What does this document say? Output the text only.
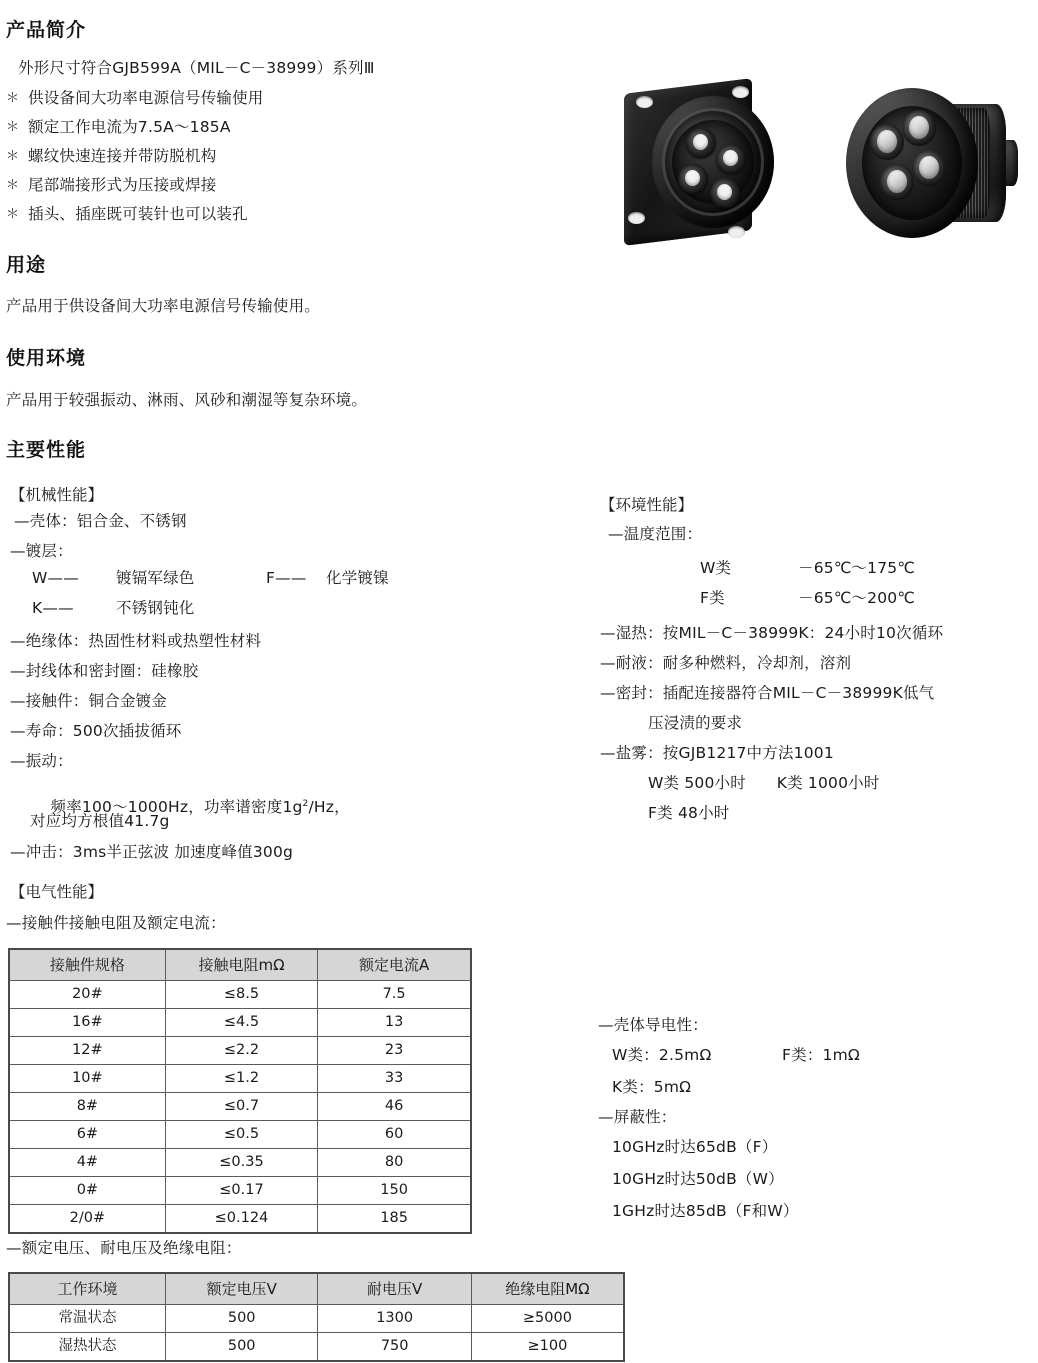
产品简介
外形尺寸符合GJB599A（MIL－C－38999）系列Ⅲ
＊ 供设备间大功率电源信号传输使用
＊ 额定工作电流为7.5A～185A
＊ 螺纹快速连接并带防脱机构
＊ 尾部端接形式为压接或焊接
＊ 插头、插座既可装针也可以装孔
用途
产品用于供设备间大功率电源信号传输使用。
使用环境
产品用于较强振动、淋雨、风砂和潮湿等复杂环境。
主要性能
【机械性能】
—壳体：铝合金、不锈钢
—镀层：
W——	镀镉军绿色	F——	化学镀镍
K——	不锈钢钝化
—绝缘体：热固性材料或热塑性材料
—封线体和密封圈：硅橡胶
—接触件：铜合金镀金
—寿命：500次插拔循环
—振动：

频率100～1000Hz，功率谱密度$1g^2/Hz$，

对应均方根值41.7g
—冲击：3ms半正弦波 加速度峰值300g
【环境性能】
—温度范围：
W类	－65℃～175℃
F类	－65℃～200℃
—湿热：按MIL－C－38999K：24小时10次循环
—耐液：耐多种燃料，冷却剂，溶剂
—密封：插配连接器符合MIL－C－38999K低气
压浸渍的要求
—盐雾：按GJB1217中方法1001
W类 500小时      K类 1000小时
F类 48小时
—壳体导电性：
W类：2.5mΩ	F类：1mΩ
K类：5mΩ
—屏蔽性：
10GHz时达65dB（F）
10GHz时达50dB（W）
1GHz时达85dB（F和W）
【电气性能】
—接触件接触电阻及额定电流：
接触件规格	接触电阻mΩ	额定电流A
20#	≤8.5	7.5
16#	≤4.5	13
12#	≤2.2	23
10#	≤1.2	33
8#	≤0.7	46
6#	≤0.5	60
4#	≤0.35	80
0#	≤0.17	150
2/0#	≤0.124	185
—额定电压、耐电压及绝缘电阻：
工作环境	额定电压V	耐电压V	绝缘电阻MΩ
常温状态	500	1300	≥5000
湿热状态	500	750	≥100
